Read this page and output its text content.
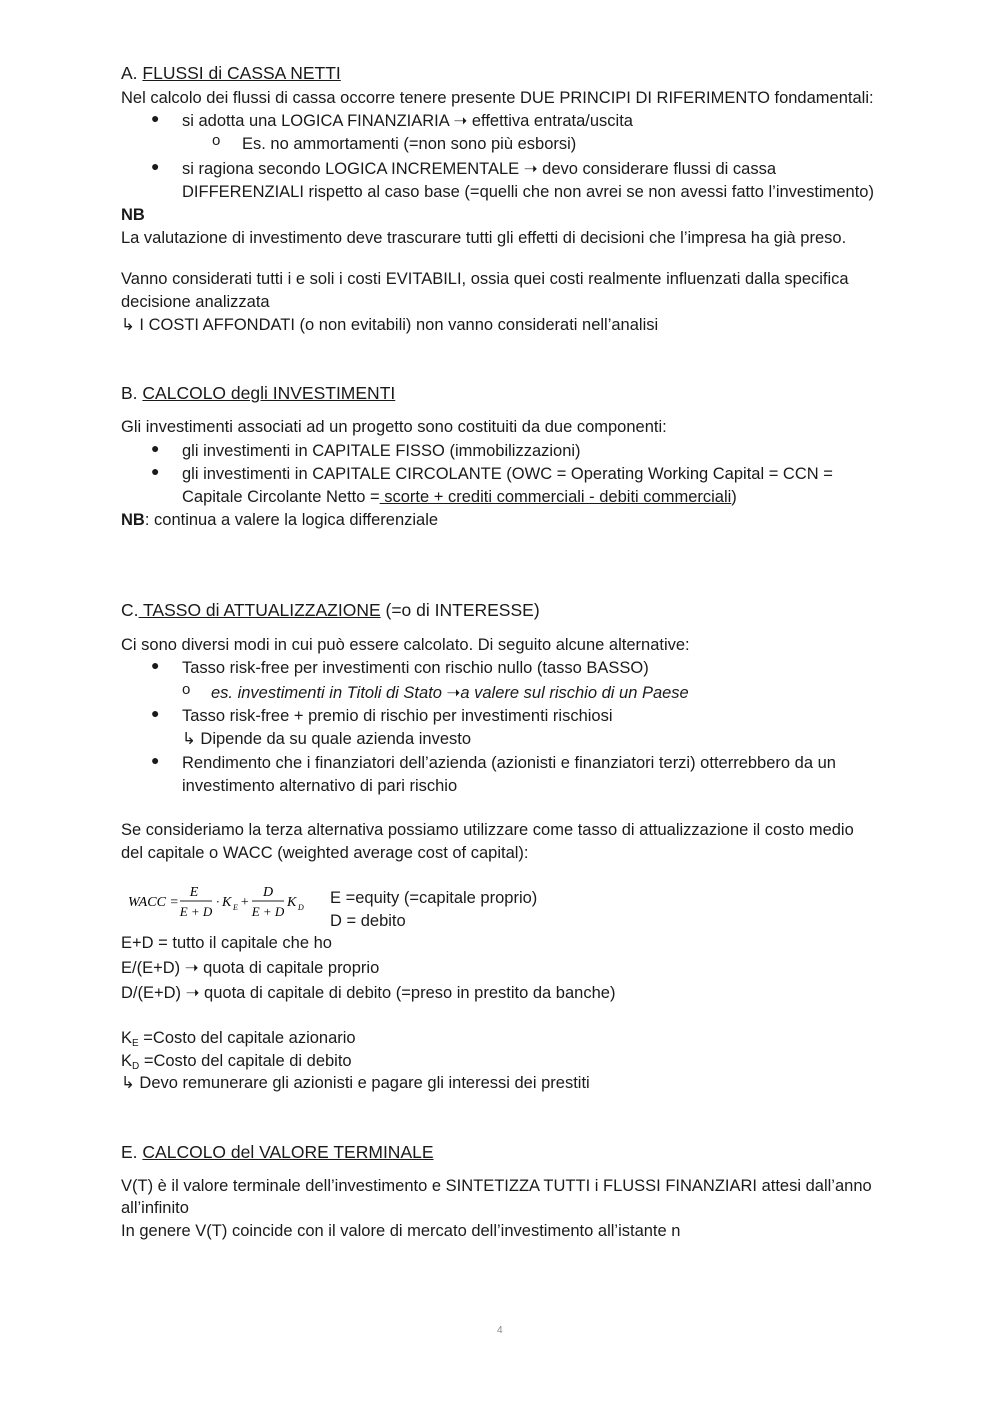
A. FLUSSI di CASSA NETTI
Nel calcolo dei flussi di cassa occorre tenere presente DUE PRINCIPI DI RIFERIMENTO fondamentali:
● si adotta una LOGICA FINANZIARIA ➝ effettiva entrata/uscita
o Es. no ammortamenti (=non sono più esborsi)
● si ragiona secondo LOGICA INCREMENTALE ➝ devo considerare flussi di cassa
DIFFERENZIALI rispetto al caso base (=quelli che non avrei se non avessi fatto l’investimento)
NB
La valutazione di investimento deve trascurare tutti gli effetti di decisioni che l’impresa ha già preso.
Vanno considerati tutti i e soli i costi EVITABILI, ossia quei costi realmente influenzati dalla specifica
decisione analizzata
↳ I COSTI AFFONDATI (o non evitabili) non vanno considerati nell’analisi
B. CALCOLO degli INVESTIMENTI
Gli investimenti associati ad un progetto sono costituiti da due componenti:
● gli investimenti in CAPITALE FISSO (immobilizzazioni)
● gli investimenti in CAPITALE CIRCOLANTE (OWC = Operating Working Capital = CCN =
Capitale Circolante Netto = scorte + crediti commerciali - debiti commerciali)
NB: continua a valere la logica differenziale
C. TASSO di ATTUALIZZAZIONE (=o di INTERESSE)
Ci sono diversi modi in cui può essere calcolato. Di seguito alcune alternative:
● Tasso risk-free per investimenti con rischio nullo (tasso BASSO)
o es. investimenti in Titoli di Stato ➝a valere sul rischio di un Paese
● Tasso risk-free + premio di rischio per investimenti rischiosi
↳ Dipende da su quale azienda investo
● Rendimento che i finanziatori dell’azienda (azionisti e finanziatori terzi) otterrebbero da un
investimento alternativo di pari rischio
Se consideriamo la terza alternativa possiamo utilizzare come tasso di attualizzazione il costo medio
del capitale o WACC (weighted average cost of capital):
WACC =
E
E + D
· K E +
D
E + D
K D
E =equity (=capitale proprio)
D = debito
E+D = tutto il capitale che ho
E/(E+D) ➝ quota di capitale proprio
D/(E+D) ➝ quota di capitale di debito (=preso in prestito da banche)
KE =Costo del capitale azionario
KD =Costo del capitale di debito
↳ Devo remunerare gli azionisti e pagare gli interessi dei prestiti
E. CALCOLO del VALORE TERMINALE
V(T) è il valore terminale dell’investimento e SINTETIZZA TUTTI i FLUSSI FINANZIARI attesi dall’anno
all’infinito
In genere V(T) coincide con il valore di mercato dell’investimento all’istante n
4
